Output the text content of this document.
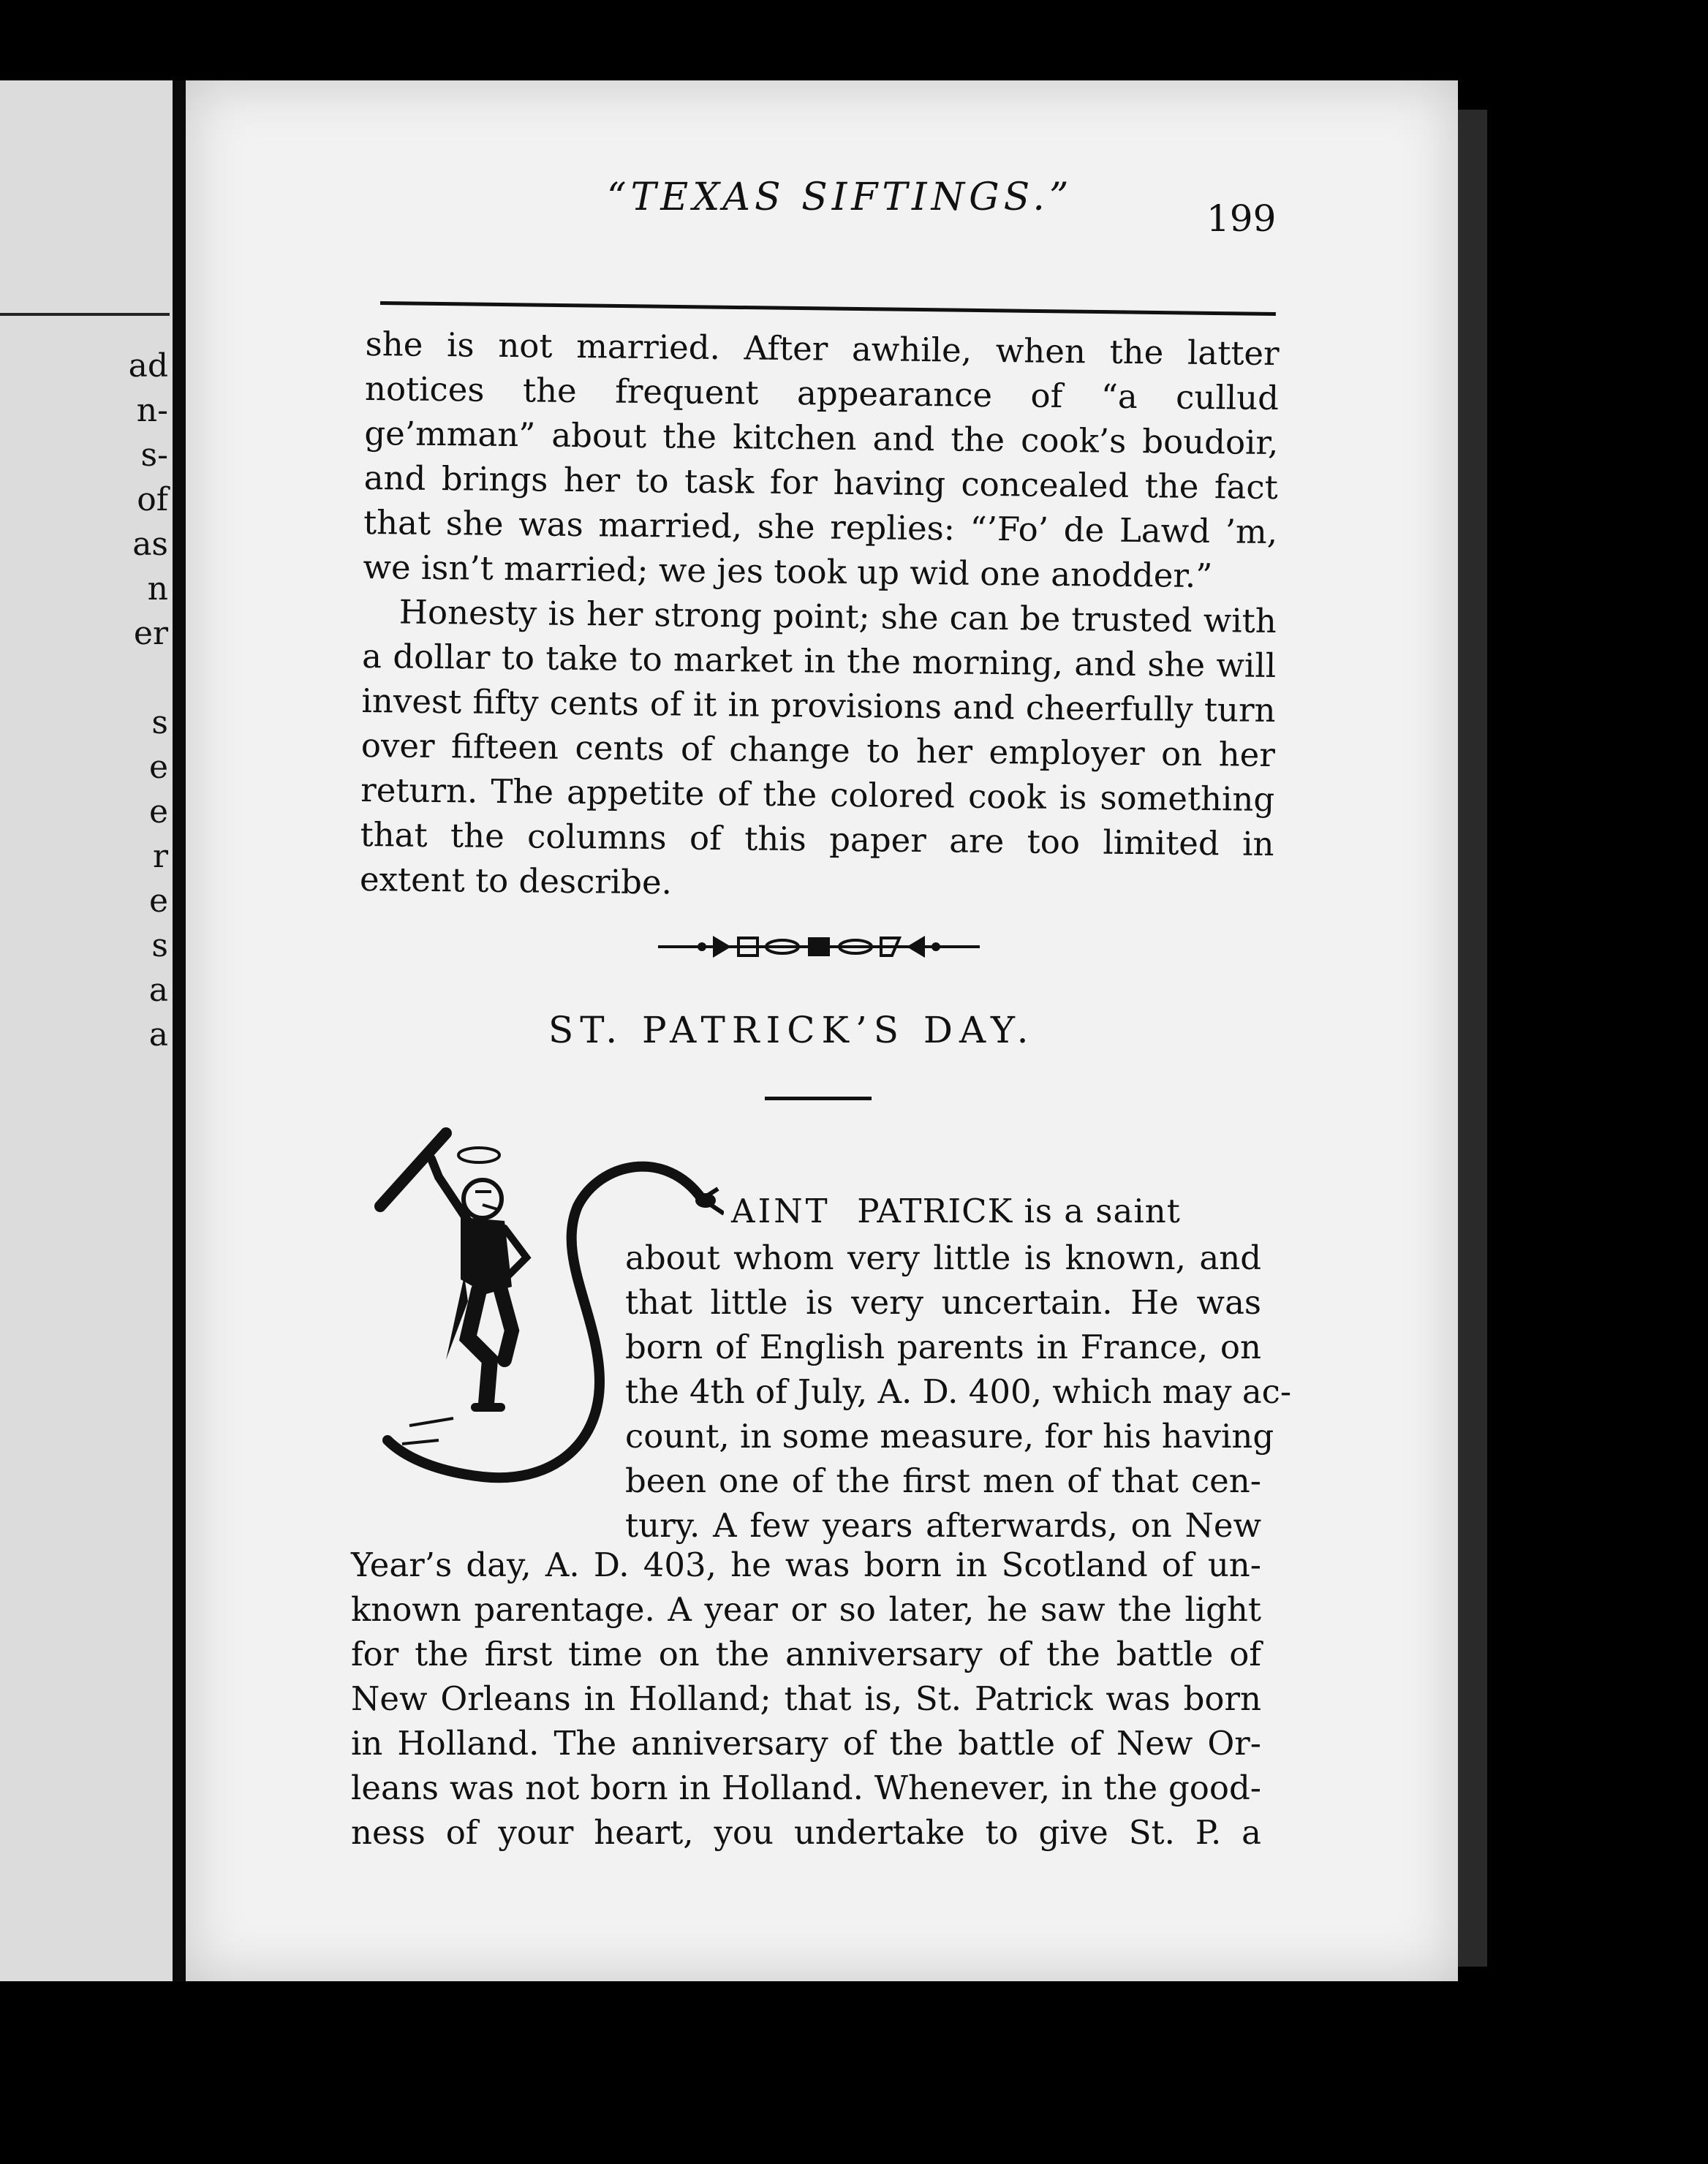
ad
n-
s-
of
as
n
er

s
e
e
r
e
s
a
a
“TEXAS SIFTINGS.”	199

she is not married. After awhile, when the latter notices the frequent appearance of “a cullud ge’mman” about the kitchen and the cook’s boudoir, and brings her to task for having concealed the fact that she was married, she replies: “’Fo’ de Lawd ’m, we isn’t married; we jes took up wid one anodder.”

Honesty is her strong point; she can be trusted with a dollar to take to market in the morning, and she will invest fifty cents of it in provisions and cheerfully turn over fifteen cents of change to her employer on her return. The appetite of the colored cook is something that the columns of this paper are too limited in extent to describe.

ST. PATRICK’S DAY.
AINT PATRICK is a saint
about whom very little is known, and
that little is very uncertain. He was
born of English parents in France, on
the 4th of July, A. D. 400, which may ac-
count, in some measure, for his having
been one of the first men of that cen-
tury. A few years afterwards, on New
Year’s day, A. D. 403, he was born in Scotland of un-
known parentage. A year or so later, he saw the light
for the first time on the anniversary of the battle of
New Orleans in Holland; that is, St. Patrick was born
in Holland. The anniversary of the battle of New Or-
leans was not born in Holland. Whenever, in the good-
ness of your heart, you undertake to give St. P. a
